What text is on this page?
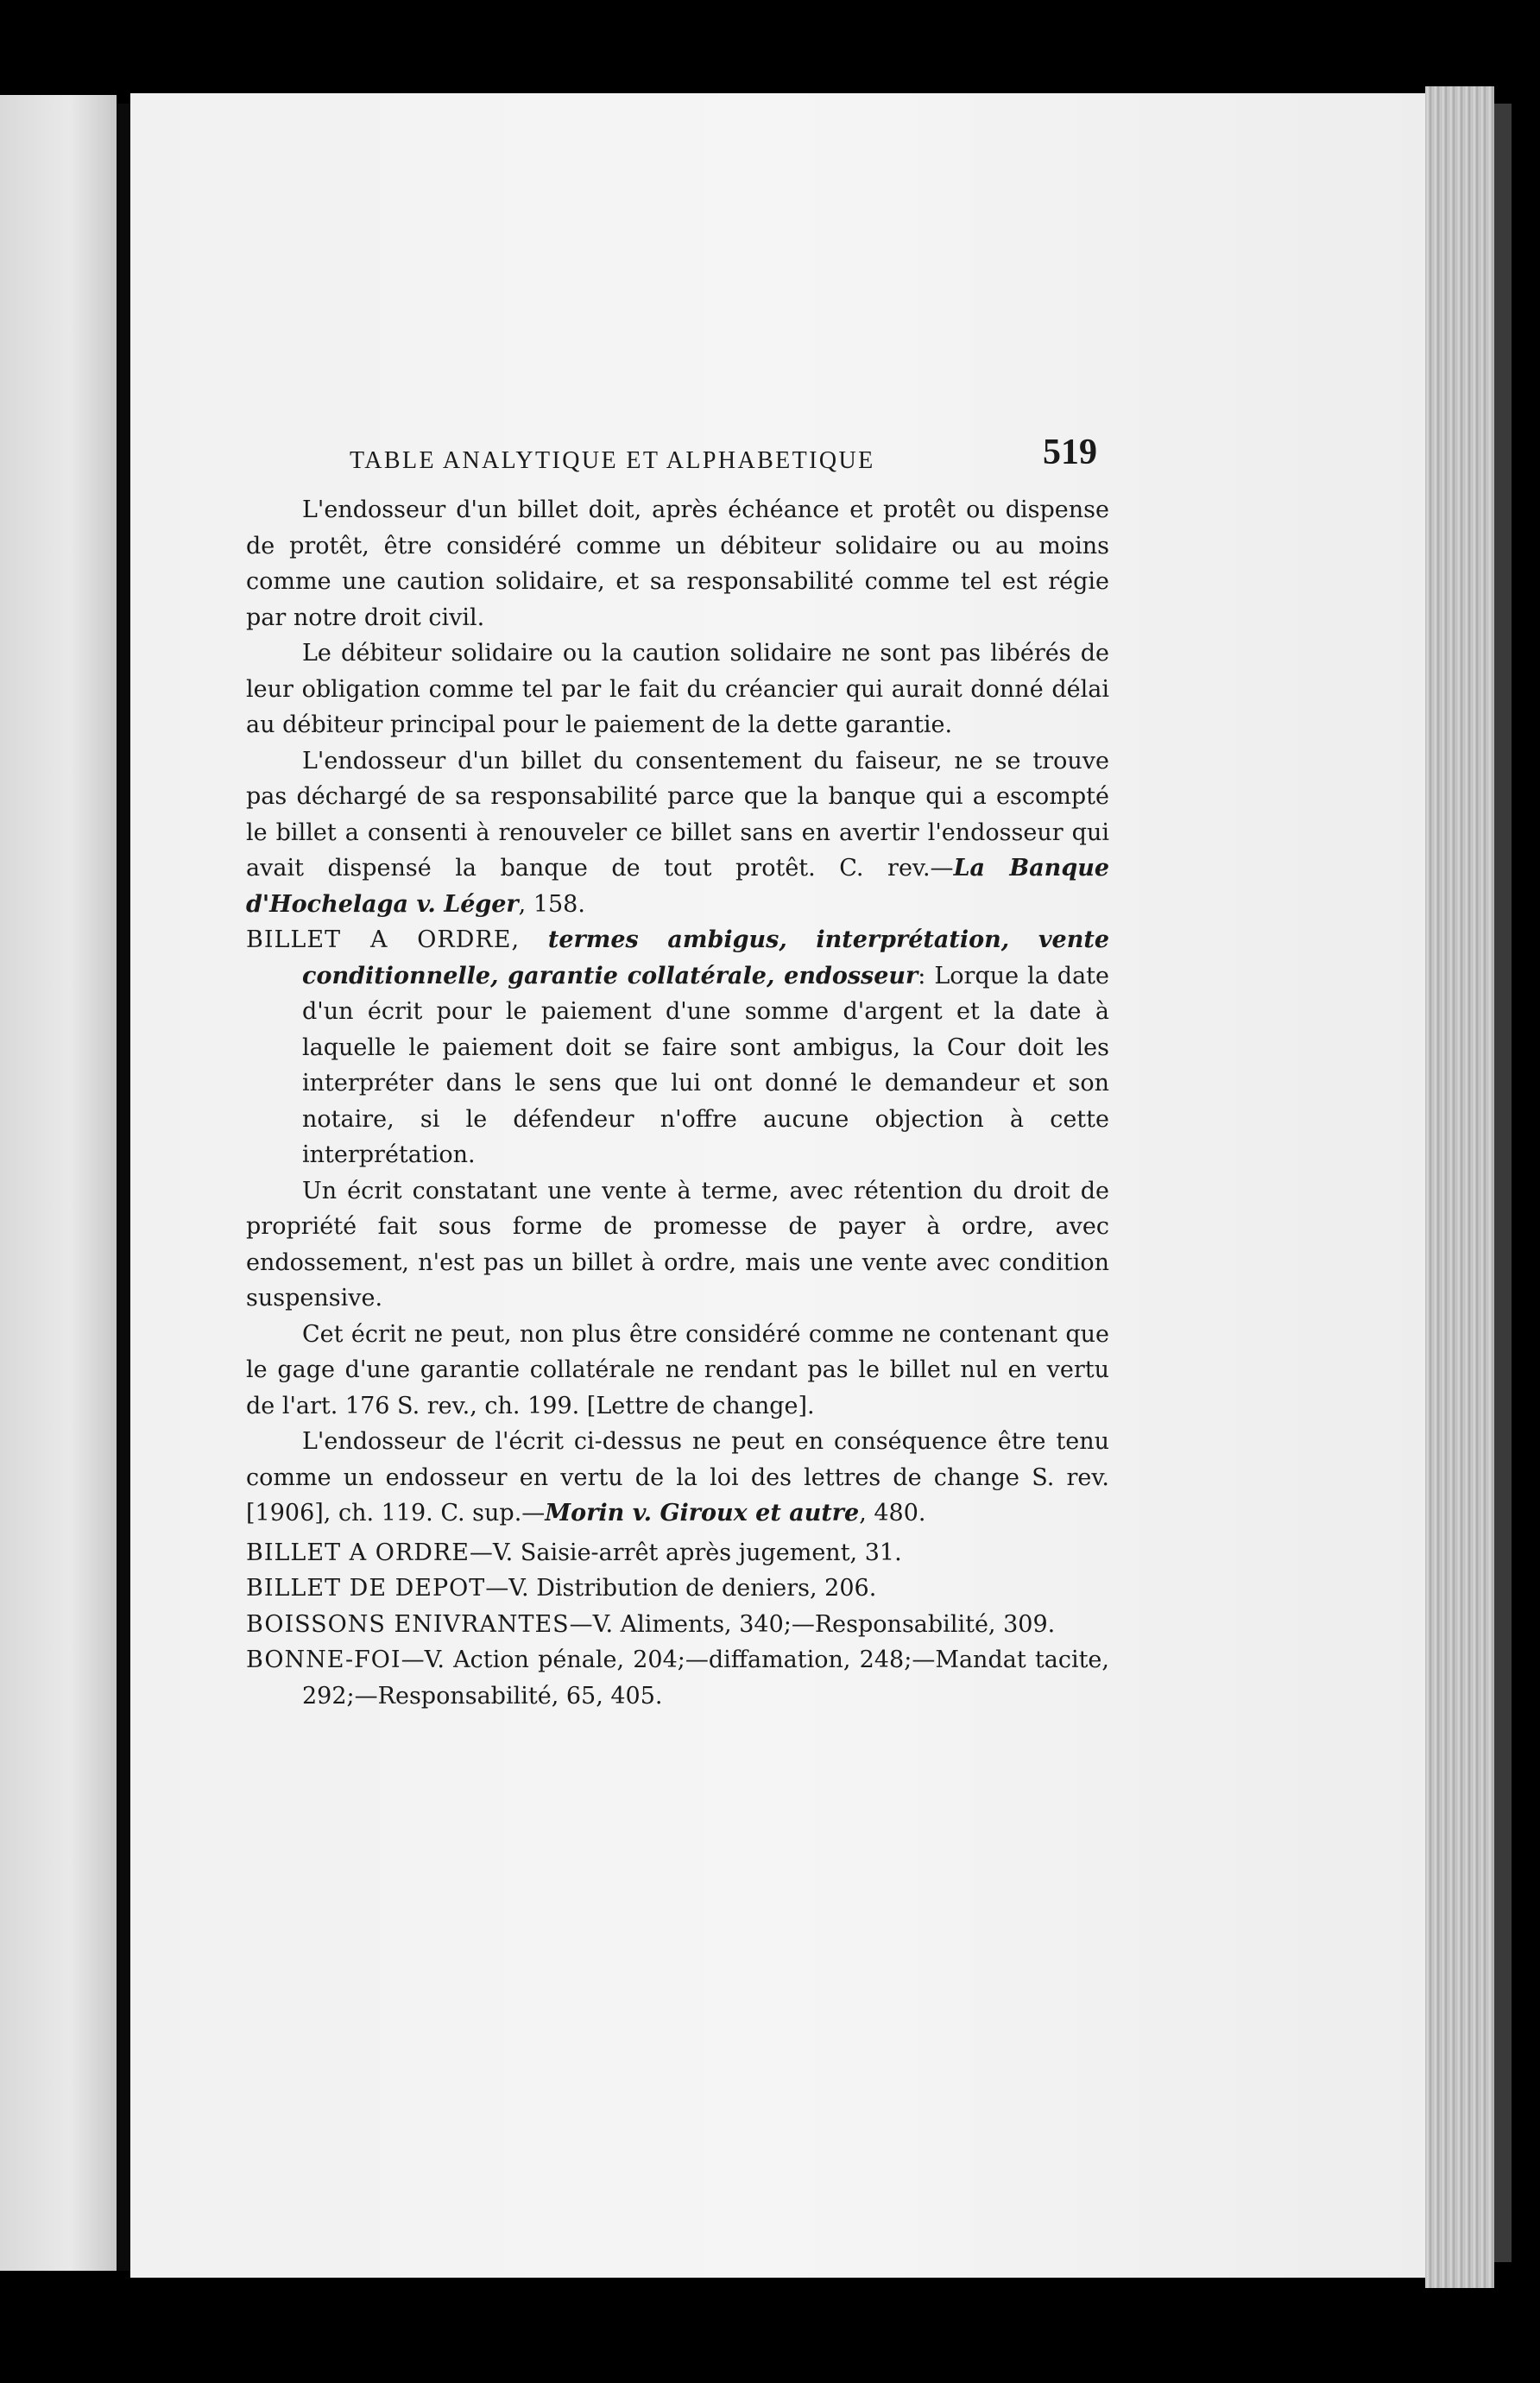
TABLE ANALYTIQUE ET ALPHABETIQUE	519

L'endosseur d'un billet doit, après échéance et protêt ou dispense de protêt, être considéré comme un débiteur solidaire ou au moins comme une caution solidaire, et sa responsabilité comme tel est régie par notre droit civil.

Le débiteur solidaire ou la caution solidaire ne sont pas libérés de leur obligation comme tel par le fait du créancier qui aurait donné délai au débiteur principal pour le paiement de la dette garantie.

L'endosseur d'un billet du consentement du faiseur, ne se trouve pas déchargé de sa responsabilité parce que la banque qui a escompté le billet a consenti à renouveler ce billet sans en avertir l'endosseur qui avait dispensé la banque de tout protêt. C. rev.—La Banque d'Hochelaga v. Léger, 158.

BILLET A ORDRE, termes ambigus, interprétation, vente conditionnelle, garantie collatérale, endosseur: Lorque la date d'un écrit pour le paiement d'une somme d'argent et la date à laquelle le paiement doit se faire sont ambigus, la Cour doit les interpréter dans le sens que lui ont donné le demandeur et son notaire, si le défendeur n'offre aucune objection à cette interprétation.

Un écrit constatant une vente à terme, avec rétention du droit de propriété fait sous forme de promesse de payer à ordre, avec endossement, n'est pas un billet à ordre, mais une vente avec condition suspensive.

Cet écrit ne peut, non plus être considéré comme ne contenant que le gage d'une garantie collatérale ne rendant pas le billet nul en vertu de l'art. 176 S. rev., ch. 199. [Lettre de change].

L'endosseur de l'écrit ci-dessus ne peut en conséquence être tenu comme un endosseur en vertu de la loi des lettres de change S. rev. [1906], ch. 119. C. sup.—Morin v. Giroux et autre, 480.

BILLET A ORDRE—V. Saisie-arrêt après jugement, 31.

BILLET DE DEPOT—V. Distribution de deniers, 206.

BOISSONS ENIVRANTES—V. Aliments, 340;—Responsabilité, 309.

BONNE-FOI—V. Action pénale, 204;—diffamation, 248;—Mandat tacite, 292;—Responsabilité, 65, 405.
